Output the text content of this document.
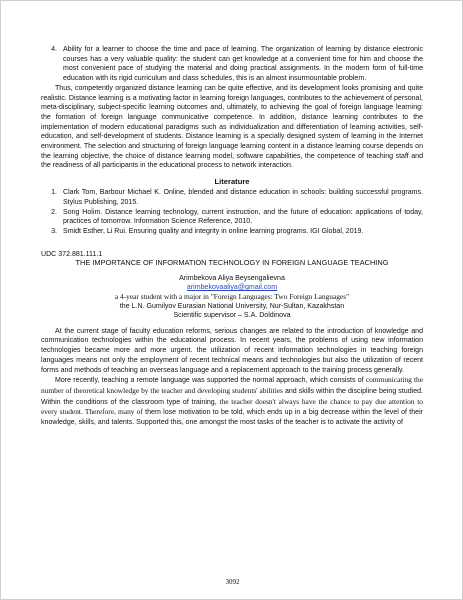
4. Ability for a learner to choose the time and pace of learning. The organization of learning by distance electronic courses has a very valuable quality: the student can get knowledge at a convenient time for him and choose the most convenient pace of studying the material and doing practical assignments. In the modern form of full-time education with its rigid curriculum and class schedules, this is an almost insurmountable problem.

Thus, competently organized distance learning can be quite effective, and its development looks promising and quite realistic. Distance learning is a motivating factor in learning foreign languages, contributes to the achievement of personal, meta-disciplinary, subject-specific learning outcomes and, ultimately, to achieving the goal of foreign language learning: the formation of foreign language communicative competence. In addition, distance learning contributes to the implementation of modern educational paradigms such as individualization and differentiation of learning activities, self-education, and self-development of students. Distance learning is a specially designed system of learning in the Internet environment. The selection and structuring of foreign language learning content in a distance learning course depends on the learning objective, the choice of distance learning model, software capabilities, the competence of teaching staff and the readiness of all participants in the educational process to network interaction.

Literature
1. Clark Tom, Barbour Michael K. Online, blended and distance education in schools: building successful programs. Stylus Publishing, 2015.
2. Song Holim. Distance learning technology, current instruction, and the future of education: applications of today, practices of tomorrow. Information Science Reference, 2010.
3. Smidt Esther, Li Rui. Ensuring quality and integrity in online learning programs. IGI Global, 2019.
UDC 372.881.111.1
THE IMPORTANCE OF INFORMATION TECHNOLOGY IN FOREIGN LANGUAGE TEACHING
Arimbekova Aliya Beysengalievna
arimbekovaaliya@gmail.com
a 4-year student with a major in "Foreign Languages: Two Foreign Languages"
the L.N. Gumilyov Eurasian National University, Nur-Sultan, Kazakhstan
Scientific supervisor – S.A. Doldinova

At the current stage of faculty education reforms, serious changes are related to the introduction of knowledge and communication technologies within the educational process. In recent years, the problems of using new information technologies became more and more urgent. the utilization of recent information technologies in teaching foreign languages means not only the employment of recent technical means and technologies but also the utilization of recent forms and methods of teaching an overseas language and a replacement approach to the training process generally.

More recently, teaching a remote language was supported the normal approach, which consists of communicating the number of theoretical knowledge by the teacher and developing students' abilities and skills within the discipline being studied. Within the conditions of the classroom type of training, the teacher doesn't always have the chance to pay due attention to every student. Therefore, many of them lose motivation to be told, which ends up in a big decrease within the level of their knowledge, skills, and talents. Supported this, one amongst the most tasks of the teacher is to activate the activity of

3092
